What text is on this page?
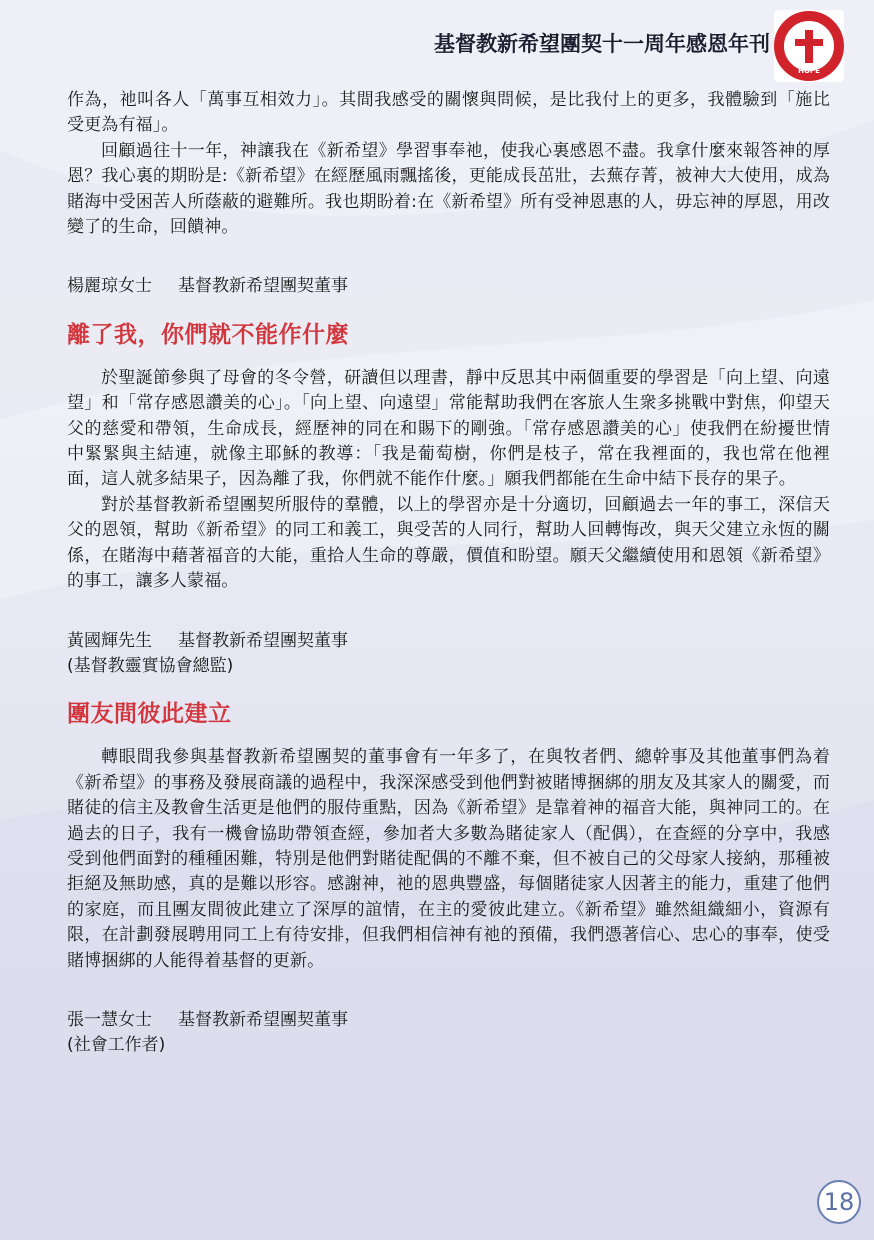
基督教新希望團契十一周年感恩年刊
NEW
HOPE

作為，祂叫各人「萬事互相效力」。其間我感受的關懷與問候，是比我付上的更多，我體驗到「施比受更為有福」。

回顧過往十一年，神讓我在《新希望》學習事奉祂，使我心裏感恩不盡。我拿什麼來報答神的厚恩？我心裏的期盼是:《新希望》在經歷風雨飄搖後，更能成長茁壯，去蕪存菁，被神大大使用，成為賭海中受困苦人所蔭蔽的避難所。我也期盼着:在《新希望》所有受神恩惠的人，毋忘神的厚恩，用改變了的生命，回饋神。

楊麗琼女士 基督教新希望團契董事

離了我，你們就不能作什麼

於聖誕節參與了母會的冬令營，研讀但以理書，靜中反思其中兩個重要的學習是「向上望、向遠望」和「常存感恩讚美的心」。「向上望、向遠望」常能幫助我們在客旅人生衆多挑戰中對焦，仰望天父的慈愛和帶領，生命成長，經歷神的同在和賜下的剛強。「常存感恩讚美的心」使我們在紛擾世情中緊緊與主結連，就像主耶穌的教導：「我是葡萄樹，你們是枝子，常在我裡面的，我也常在他裡面，這人就多結果子，因為離了我，你們就不能作什麼。」願我們都能在生命中結下長存的果子。

對於基督教新希望團契所服侍的羣體，以上的學習亦是十分適切，回顧過去一年的事工，深信天父的恩領，幫助《新希望》的同工和義工，與受苦的人同行，幫助人回轉悔改，與天父建立永恆的關係，在賭海中藉著福音的大能，重拾人生命的尊嚴，價值和盼望。願天父繼續使用和恩領《新希望》的事工，讓多人蒙福。

黃國輝先生 基督教新希望團契董事
(基督教靈實協會總監)

團友間彼此建立

轉眼間我參與基督教新希望團契的董事會有一年多了，在與牧者們、總幹事及其他董事們為着《新希望》的事務及發展商議的過程中，我深深感受到他們對被賭博捆綁的朋友及其家人的關愛，而賭徒的信主及教會生活更是他們的服侍重點，因為《新希望》是靠着神的福音大能，與神同工的。在過去的日子，我有一機會協助帶領查經，參加者大多數為賭徒家人（配偶），在查經的分享中，我感受到他們面對的種種困難，特別是他們對賭徒配偶的不離不棄，但不被自己的父母家人接納，那種被拒絕及無助感，真的是難以形容。感謝神，祂的恩典豐盛，每個賭徒家人因著主的能力，重建了他們的家庭，而且團友間彼此建立了深厚的誼情，在主的愛彼此建立。《新希望》雖然組織細小，資源有限，在計劃發展聘用同工上有待安排，但我們相信神有祂的預備，我們憑著信心、忠心的事奉，使受賭博捆綁的人能得着基督的更新。

張一慧女士 基督教新希望團契董事
(社會工作者)

18
